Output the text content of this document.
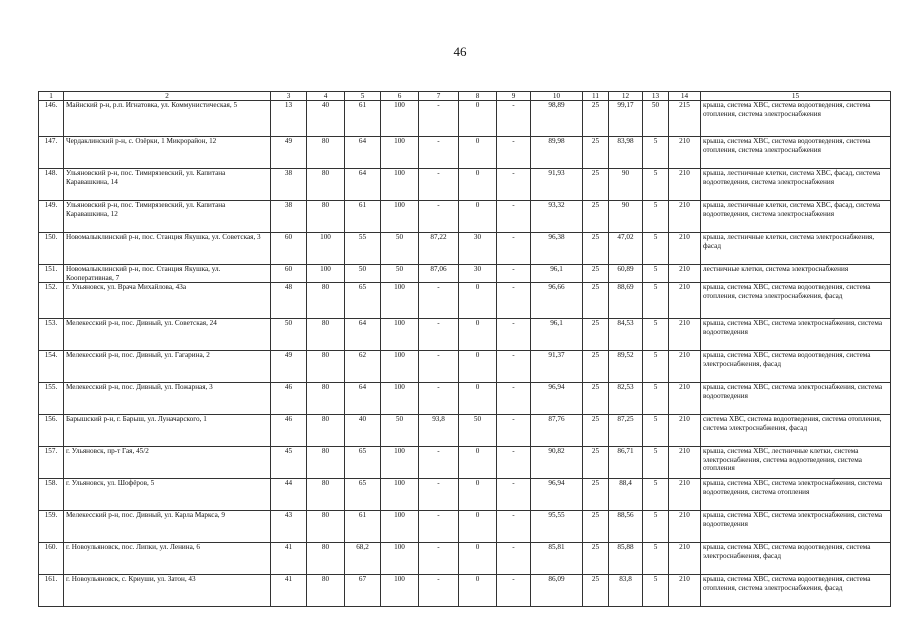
46
1	2	3	4	5	6	7	8	9	10	11	12	13	14	15
146.	Майнский р-н, р.п. Игнатовка, ул. Коммунистическая, 5	13	40	61	100	-	0	-	98,89	25	99,17	50	215	крыша, система ХВС, система водоотведения, система отопления, система электроснабжения
147.	Чердаклинский р-н, с. Озёрки, 1 Микрорайон, 12	49	80	64	100	-	0	-	89,98	25	83,98	5	210	крыша, система ХВС, система водоотведения, система отопления, система электроснабжения
148.	Ульяновский р-н, пос. Тимирязевский, ул. Капитана Каравашкина, 14	38	80	64	100	-	0	-	91,93	25	90	5	210	крыша, лестничные клетки, система ХВС, фасад, система водоотведения, система электроснабжения
149.	Ульяновский р-н, пос. Тимирязевский, ул. Капитана Каравашкина, 12	38	80	61	100	-	0	-	93,32	25	90	5	210	крыша, лестничные клетки, система ХВС, фасад, система водоотведения, система электроснабжения
150.	Новомалыклинский р-н, пос. Станция Якушка, ул. Советская, 3	60	100	55	50	87,22	30	-	96,38	25	47,02	5	210	крыша, лестничные клетки, система электроснабжения, фасад
151.	Новомалыклинский р-н, пос. Станция Якушка, ул. Кооперативная, 7	60	100	50	50	87,06	30	-	96,1	25	60,89	5	210	лестничные клетки, система электроснабжения
152.	г. Ульяновск, ул. Врача Михайлова, 43а	48	80	65	100	-	0	-	96,66	25	88,69	5	210	крыша, система ХВС, система водоотведения, система отопления, система электроснабжения, фасад
153.	Мелекесский р-н, пос. Дивный, ул. Советская, 24	50	80	64	100	-	0	-	96,1	25	84,53	5	210	крыша, система ХВС, система электроснабжения, система водоотведения
154.	Мелекесский р-н, пос. Дивный, ул. Гагарина, 2	49	80	62	100	-	0	-	91,37	25	89,52	5	210	крыша, система ХВС, система водоотведения, система электроснабжения, фасад
155.	Мелекесский р-н, пос. Дивный, ул. Пожарная, 3	46	80	64	100	-	0	-	96,94	25	82,53	5	210	крыша, система ХВС, система электроснабжения, система водоотведения
156.	Барышский р-н, г. Барыш, ул. Луначарского, 1	46	80	40	50	93,8	50	-	87,76	25	87,25	5	210	система ХВС, система водоотведения, система отопления, система электроснабжения, фасад
157.	г. Ульяновск, пр-т Гая, 45/2	45	80	65	100	-	0	-	90,82	25	86,71	5	210	крыша, система ХВС, лестничные клетки, система электроснабжения, система водоотведения, система отопления
158.	г. Ульяновск, ул. Шофёров, 5	44	80	65	100	-	0	-	96,94	25	88,4	5	210	крыша, система ХВС, система электроснабжения, система водоотведения, система отопления
159.	Мелекесский р-н, пос. Дивный, ул. Карла Маркса, 9	43	80	61	100	-	0	-	95,55	25	88,56	5	210	крыша, система ХВС, система электроснабжения, система водоотведения
160.	г. Новоульяновск, пос. Липки, ул. Ленина, 6	41	80	68,2	100	-	0	-	85,81	25	85,88	5	210	крыша, система ХВС, система водоотведения, система электроснабжения, фасад
161.	г. Новоульяновск, с. Криуши, ул. Затон, 43	41	80	67	100	-	0	-	86,09	25	83,8	5	210	крыша, система ХВС, система водоотведения, система отопления, система электроснабжения, фасад
